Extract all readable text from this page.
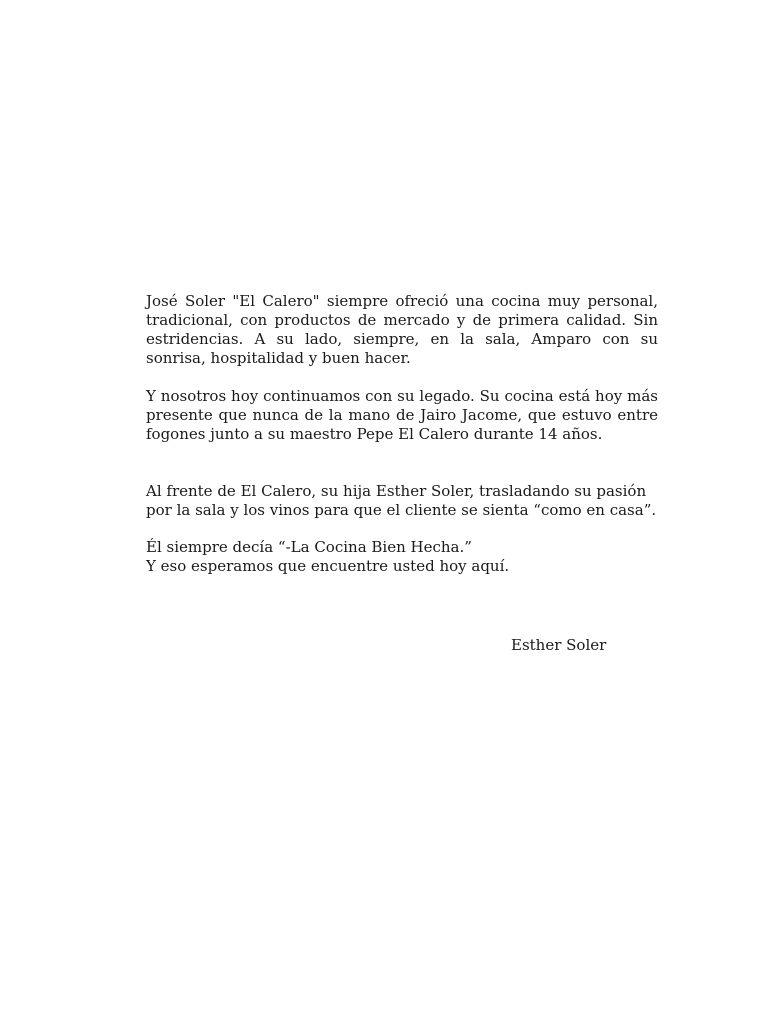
José Soler "El Calero" siempre ofreció una cocina muy personal, tradicional, con productos de mercado y de primera calidad. Sin estridencias. A su lado, siempre, en la sala, Amparo con su sonrisa, hospitalidad y buen hacer.

Y nosotros hoy continuamos con su legado. Su cocina está hoy más presente que nunca de la mano de Jairo Jacome, que estuvo entre fogones junto a su maestro Pepe El Calero durante 14 años.

Al frente de El Calero, su hija Esther Soler, trasladando su pasión por la sala y los vinos para que el cliente se sienta “como en casa”.

Él siempre decía “-La Cocina Bien Hecha.”
Y eso esperamos que encuentre usted hoy aquí.

Esther Soler
